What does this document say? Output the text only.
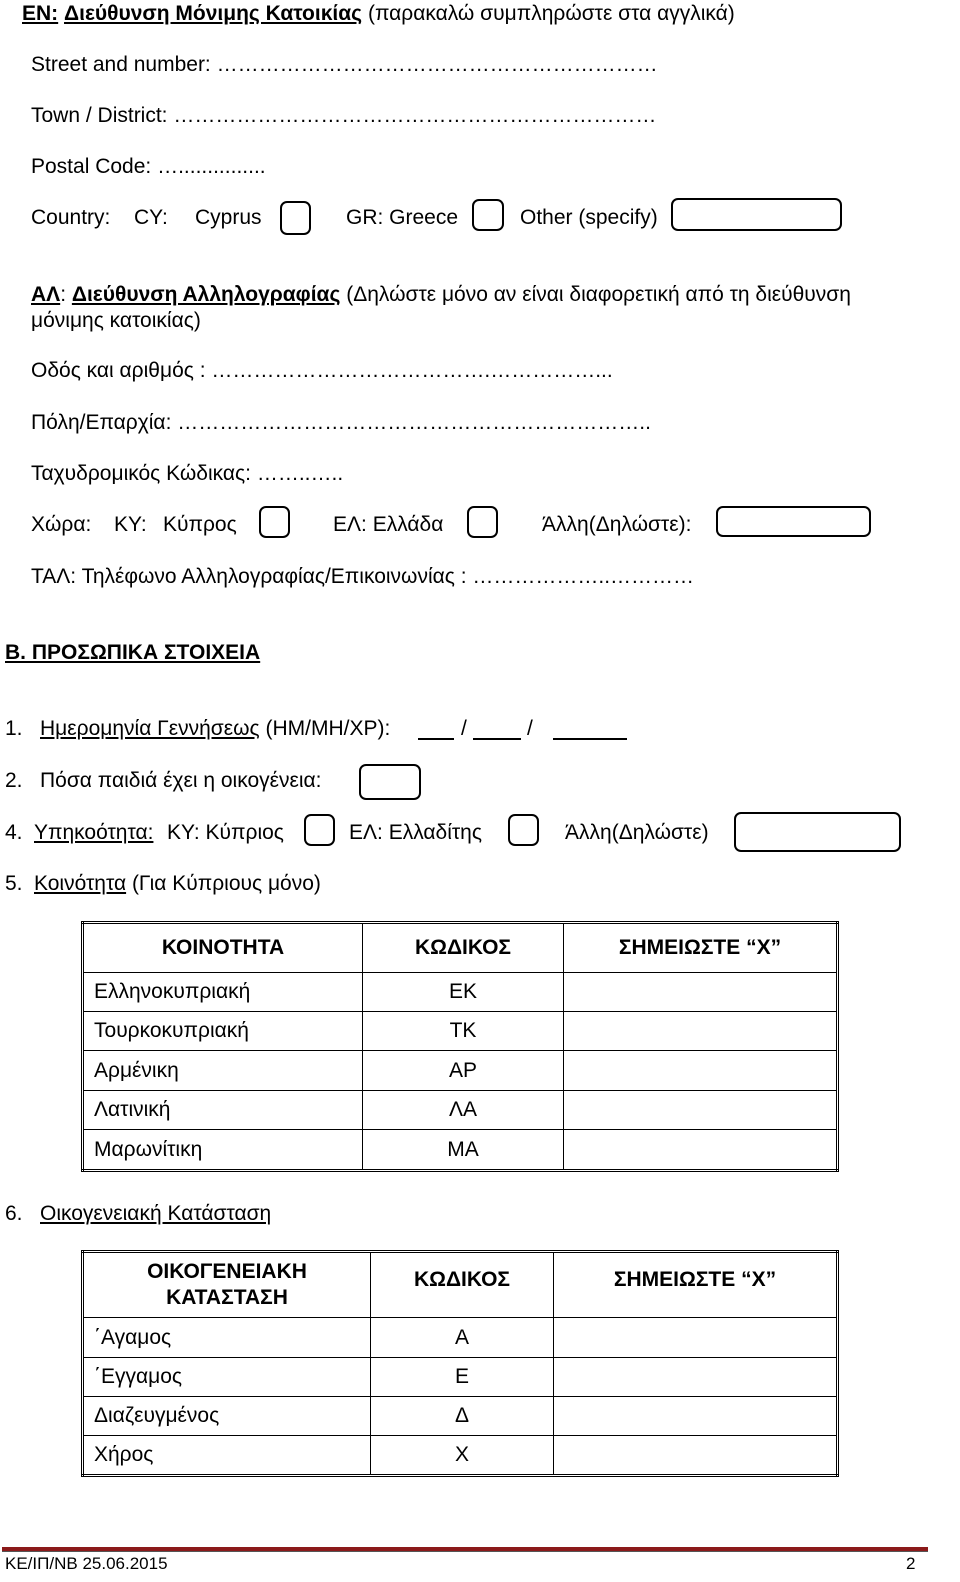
EN: Διεύθυνση Μόνιμης Κατοικίας (παρακαλώ συμπληρώστε στα αγγλικά)
Street and number: ………………………………………………………
Town / District: ……………………………………………………………
Postal Code: …...............
Country: CY: Cyprus	GR: Greece	Other (specify)
ΑΛ: Διεύθυνση Αλληλογραφίας (Δηλώστε μόνο αν είναι διαφορετική από τη διεύθυνση
μόνιμης κατοικίας)
Οδός και αριθμός : ………………………………….……………...
Πόλη/Επαρχία: …………………………………………………………..
Ταχυδρομικός Κώδικας: ……..…..
Χώρα: ΚΥ: Κύπρος	ΕΛ: Ελλάδα	Άλλη(Δηλώστε):
ΤΑΛ: Τηλέφωνο Αλληλογραφίας/Επικοινωνίας : ………………..…………
Β. ΠΡΟΣΩΠΙΚΑ ΣΤΟΙΧΕΙΑ
1. Ημερομηνία Γεννήσεως (ΗΜ/ΜΗ/ΧΡ):	/	/
2. Πόσα παιδιά έχει η οικογένεια:
4. Υπηκοότητα: ΚΥ: Κύπριος	ΕΛ: Ελλαδίτης	Άλλη(Δηλώστε)
5. Κοινότητα (Για Κύπριους μόνο)
ΚΟΙΝΟΤΗΤΑ	ΚΩΔΙΚΟΣ	ΣΗΜΕΙΩΣΤΕ “Χ”
Ελληνοκυπριακή	ΕΚ	
Τουρκοκυπριακή	ΤΚ	
Αρμένικη	ΑΡ	
Λατινική	ΛΑ	
Μαρωνίτικη	ΜΑ	
6. Οικογενειακή Κατάσταση
ΟΙΚΟΓΕΝΕΙΑΚΗ ΚΑΤΑΣΤΑΣΗ	ΚΩΔΙΚΟΣ	ΣΗΜΕΙΩΣΤΕ “Χ”
΄Αγαμος	Α	
΄Εγγαμος	Ε	
Διαζευγμένος	Δ	
Χήρος	Χ	
ΚΕ/ΙΠ/ΝΒ 25.06.2015	2
